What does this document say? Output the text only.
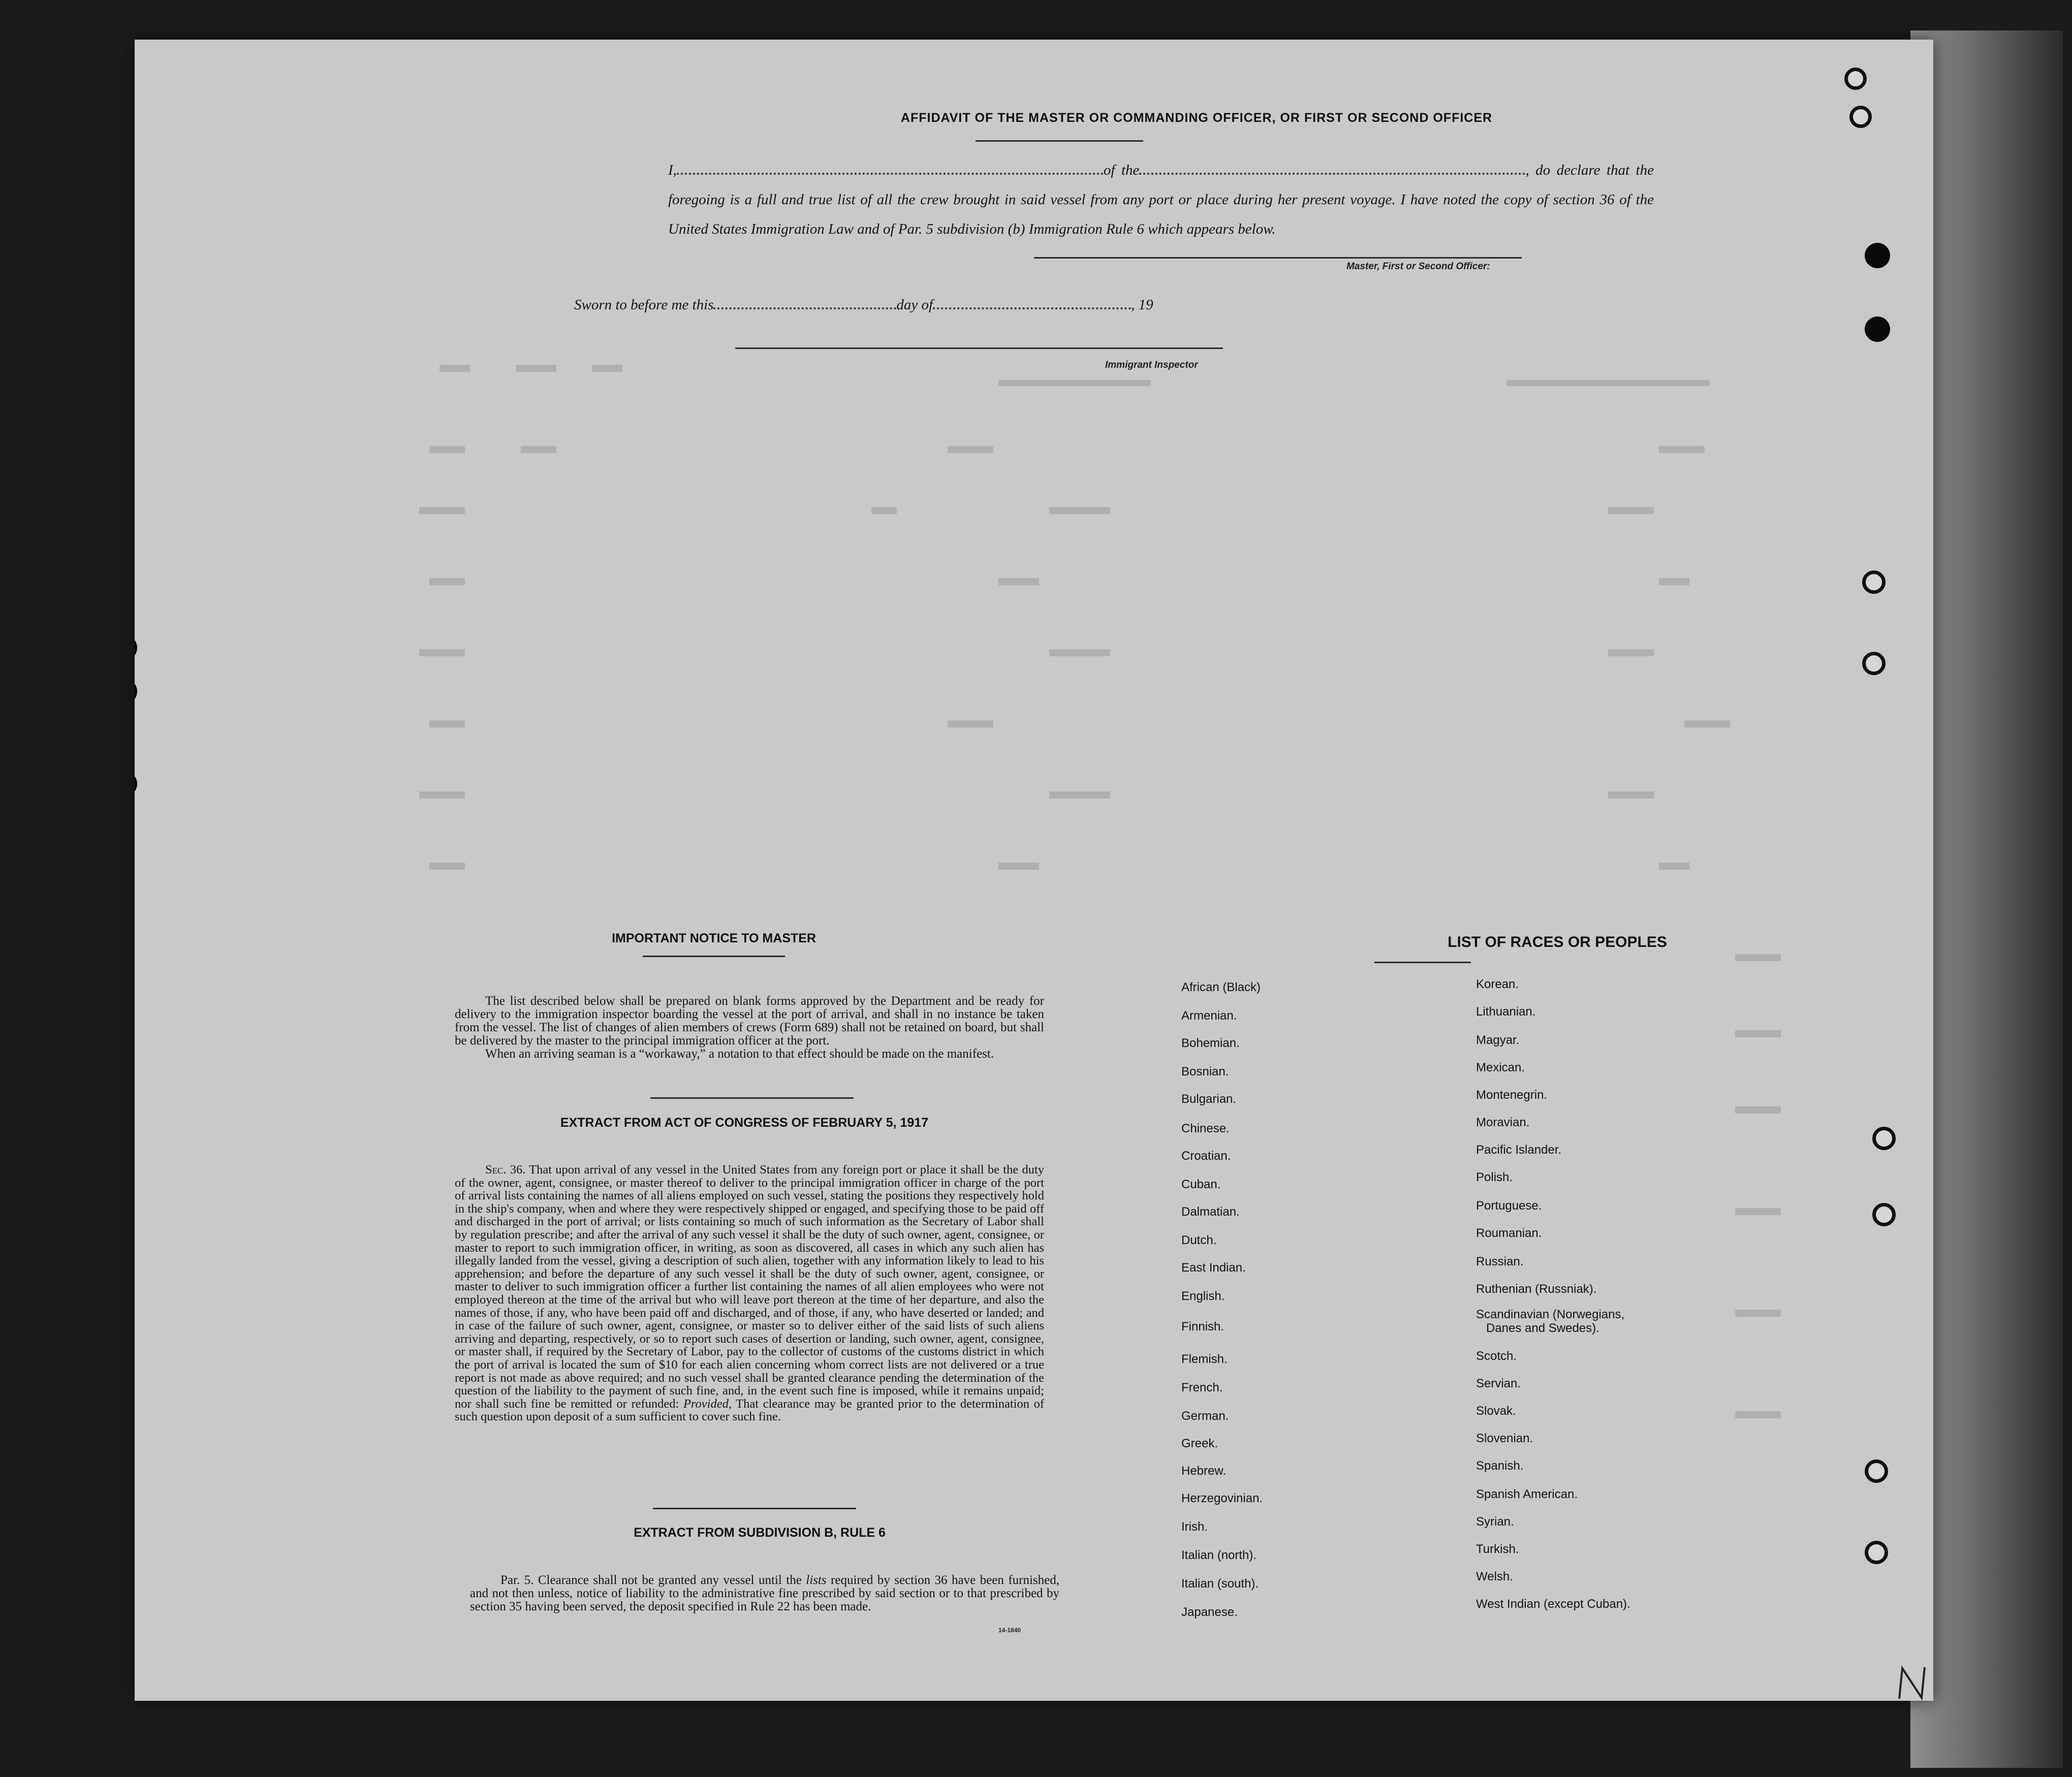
AFFIDAVIT OF THE MASTER OR COMMANDING OFFICER, OR FIRST OR SECOND OFFICER
I,	of the	, do declare that the foregoing is a full and true list of all the crew brought in said vessel from any port or place during her present voyage. I have noted the copy of section 36 of the United States Immigration Law and of Par. 5 subdivision (b) Immigration Rule 6 which appears below.
Master, First or Second Officer:
Sworn to before me this	day of	, 19
Immigrant Inspector
IMPORTANT NOTICE TO MASTER
The list described below shall be prepared on blank forms approved by the Department and be ready for delivery to the immigration inspector boarding the vessel at the port of arrival, and shall in no instance be taken from the vessel. The list of changes of alien members of crews (Form 689) shall not be retained on board, but shall be delivered by the master to the principal immigration officer at the port.
When an arriving seaman is a “workaway,” a notation to that effect should be made on the manifest.
EXTRACT FROM ACT OF CONGRESS OF FEBRUARY 5, 1917
Sec. 36. That upon arrival of any vessel in the United States from any foreign port or place it shall be the duty of the owner, agent, consignee, or master thereof to deliver to the principal immigration officer in charge of the port of arrival lists containing the names of all aliens employed on such vessel, stating the positions they respectively hold in the ship's company, when and where they were respectively shipped or engaged, and specifying those to be paid off and discharged in the port of arrival; or lists containing so much of such information as the Secretary of Labor shall by regulation prescribe; and after the arrival of any such vessel it shall be the duty of such owner, agent, consignee, or master to report to such immigration officer, in writing, as soon as discovered, all cases in which any such alien has illegally landed from the vessel, giving a description of such alien, together with any information likely to lead to his apprehension; and before the departure of any such vessel it shall be the duty of such owner, agent, consignee, or master to deliver to such immigration officer a further list containing the names of all alien employees who were not employed thereon at the time of the arrival but who will leave port thereon at the time of her departure, and also the names of those, if any, who have been paid off and discharged, and of those, if any, who have deserted or landed; and in case of the failure of such owner, agent, consignee, or master so to deliver either of the said lists of such aliens arriving and departing, respectively, or so to report such cases of desertion or landing, such owner, agent, consignee, or master shall, if required by the Secretary of Labor, pay to the collector of customs of the customs district in which the port of arrival is located the sum of $10 for each alien concerning whom correct lists are not delivered or a true report is not made as above required; and no such vessel shall be granted clearance pending the determination of the question of the liability to the payment of such fine, and, in the event such fine is imposed, while it remains unpaid; nor shall such fine be remitted or refunded: Provided, That clearance may be granted prior to the determination of such question upon deposit of a sum sufficient to cover such fine.
EXTRACT FROM SUBDIVISION B, RULE 6
Par. 5. Clearance shall not be granted any vessel until the lists required by section 36 have been furnished, and not then unless, notice of liability to the administrative fine prescribed by said section or to that prescribed by section 35 having been served, the deposit specified in Rule 22 has been made.
14-1840
LIST OF RACES OR PEOPLES
African (Black)
Armenian.
Bohemian.
Bosnian.
Bulgarian.
Chinese.
Croatian.
Cuban.
Dalmatian.
Dutch.
East Indian.
English.
Finnish.
Flemish.
French.
German.
Greek.
Hebrew.
Herzegovinian.
Irish.
Italian (north).
Italian (south).
Japanese.
Korean.
Lithuanian.
Magyar.
Mexican.
Montenegrin.
Moravian.
Pacific Islander.
Polish.
Portuguese.
Roumanian.
Russian.
Ruthenian (Russniak).
Scandinavian (Norwegians,
Danes and Swedes).
Scotch.
Servian.
Slovak.
Slovenian.
Spanish.
Spanish American.
Syrian.
Turkish.
Welsh.
West Indian (except Cuban).
